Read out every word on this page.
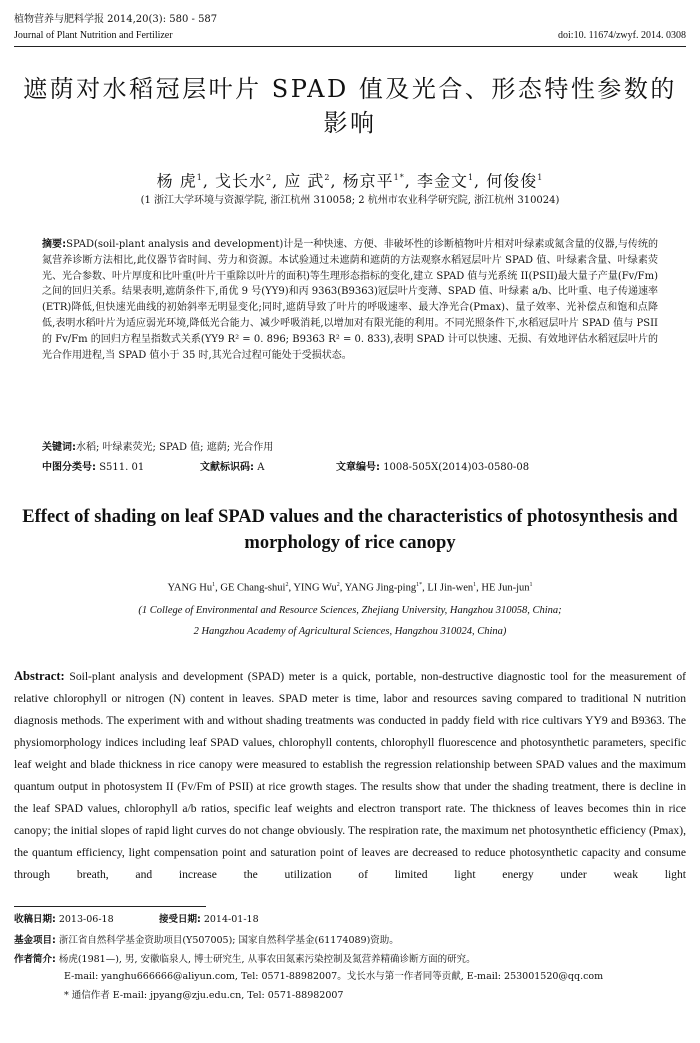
植物营养与肥料学报 2014,20(3): 580 - 587
Journal of Plant Nutrition and Fertilizer	doi:10. 11674/zwyf. 2014. 0308
遮荫对水稻冠层叶片 SPAD 值及光合、形态特性参数的影响
杨 虎$^1$, 戈长水$^2$, 应 武$^2$, 杨京平$^{1*}$, 李金文$^1$, 何俊俊$^1$
(1 浙江大学环境与资源学院, 浙江杭州 310058; 2 杭州市农业科学研究院, 浙江杭州 310024)
摘要:SPAD(soil-plant analysis and development)计是一种快速、方便、非破坏性的诊断植物叶片相对叶绿素或氮含量的仪器,与传统的氮营养诊断方法相比,此仪器节省时间、劳力和资源。本试验通过未遮荫和遮荫的方法观察水稻冠层叶片 SPAD 值、叶绿素含量、叶绿素荧光、光合参数、叶片厚度和比叶重(叶片干重除以叶片的面积)等生理形态指标的变化,建立 SPAD 值与光系统 II(PSII)最大量子产量(Fv/Fm)之间的回归关系。结果表明,遮荫条件下,甬优 9 号(YY9)和丙 9363(B9363)冠层叶片变薄、SPAD 值、叶绿素 a/b、比叶重、电子传递速率(ETR)降低,但快速光曲线的初始斜率无明显变化;同时,遮荫导致了叶片的呼吸速率、最大净光合(Pmax)、量子效率、光补偿点和饱和点降低,表明水稻叶片为适应弱光环境,降低光合能力、减少呼吸消耗,以增加对有限光能的利用。不同光照条件下,水稻冠层叶片 SPAD 值与 PSII 的 Fv/Fm 的回归方程呈指数式关系(YY9 R² = 0. 896; B9363 R² = 0. 833),表明 SPAD 计可以快速、无损、有效地评估水稻冠层叶片的光合作用进程,当 SPAD 值小于 35 时,其光合过程可能处于受损状态。
关键词:水稻; 叶绿素荧光; SPAD 值; 遮荫; 光合作用
中图分类号: S511. 01	文献标识码: A	文章编号: 1008-505X(2014)03-0580-08
Effect of shading on leaf SPAD values and the characteristics of photosynthesis and morphology of rice canopy
YANG Hu$^1$, GE Chang-shui$^2$, YING Wu$^2$, YANG Jing-ping$^{1*}$, LI Jin-wen$^1$, HE Jun-jun$^1$
(1 College of Environmental and Resource Sciences, Zhejiang University, Hangzhou 310058, China;
2 Hangzhou Academy of Agricultural Sciences, Hangzhou 310024, China)
Abstract: Soil-plant analysis and development (SPAD) meter is a quick, portable, non-destructive diagnostic tool for the measurement of relative chlorophyll or nitrogen (N) content in leaves. SPAD meter is time, labor and resources saving compared to traditional N nutrition diagnosis methods. The experiment with and without shading treatments was conducted in paddy field with rice cultivars YY9 and B9363. The physiomorphology indices including leaf SPAD values, chlorophyll contents, chlorophyll fluorescence and photosynthetic parameters, specific leaf weight and blade thickness in rice canopy were measured to establish the regression relationship between SPAD values and the maximum quantum output in photosystem II (Fv/Fm of PSII) at rice growth stages. The results show that under the shading treatment, there is decline in the leaf SPAD values, chlorophyll a/b ratios, specific leaf weights and electron transport rate. The thickness of leaves becomes thin in rice canopy; the initial slopes of rapid light curves do not change obviously. The respiration rate, the maximum net photosynthetic efficiency (Pmax), the quantum efficiency, light compensation point and saturation point of leaves are decreased to reduce photosynthetic capacity and consume through breath, and increase the utilization of limited light energy under weak light
收稿日期: 2013-06-18	接受日期: 2014-01-18
基金项目: 浙江省自然科学基金资助项目(Y507005); 国家自然科学基金(61174089)资助。
作者简介: 杨虎(1981—), 男, 安徽临泉人, 博士研究生, 从事农田氮素污染控制及氮营养精确诊断方面的研究。
E-mail: yanghu666666@aliyun.com, Tel: 0571-88982007。戈长水与第一作者同等贡献, E-mail: 253001520@qq.com
* 通信作者 E-mail: jpyang@zju.edu.cn, Tel: 0571-88982007
